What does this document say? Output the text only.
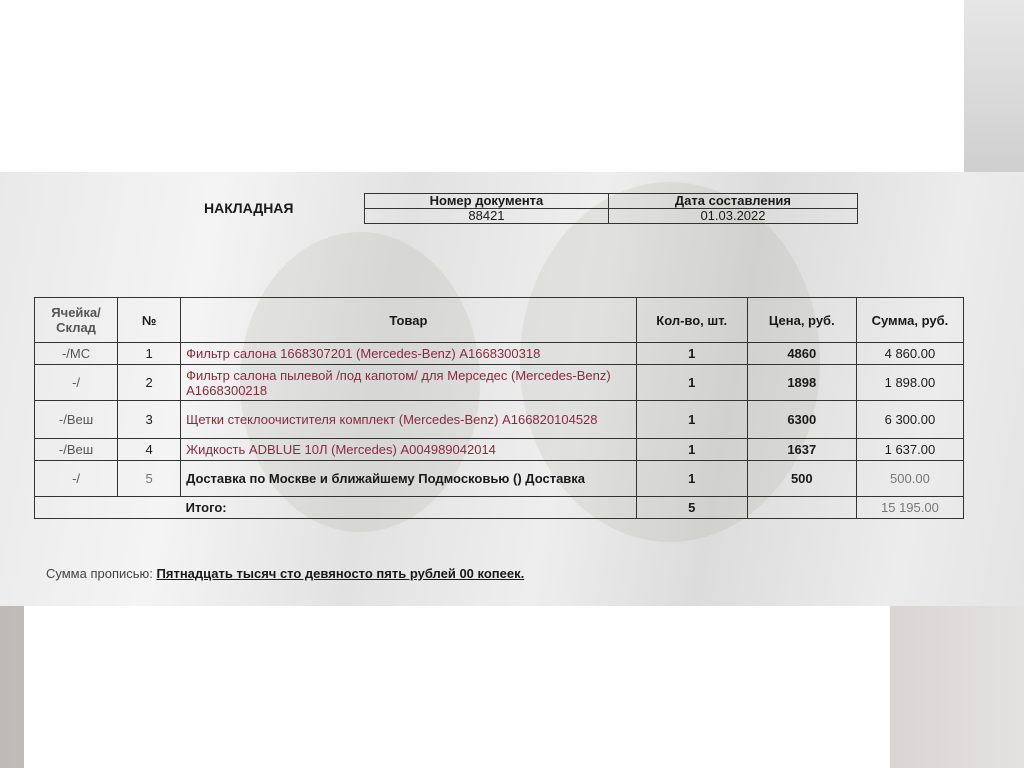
НАКЛАДНАЯ	Номер документа	Дата составления
88421	01.03.2022
Ячейка/ Склад	№	Товар	Кол-во, шт.	Цена, руб.	Сумма, руб.
-/МС	1	Фильтр салона 1668307201 (Mercedes-Benz) A1668300318	1	4860	4 860.00
-/	2	Фильтр салона пылевой /под капотом/ для Мерседес (Mercedes-Benz) A1668300218	1	1898	1 898.00
-/Веш	3	Щетки стеклоочистителя комплект (Mercedes-Benz) A166820104528	1	6300	6 300.00
-/Веш	4	Жидкость ADBLUE 10Л (Mercedes) A004989042014	1	1637	1 637.00
-/	5	Доставка по Москве и ближайшему Подмосковью () Доставка	1	500	500.00
		Итого:	5		15 195.00
Сумма прописью: Пятнадцать тысяч сто девяносто пять рублей 00 копеек.
